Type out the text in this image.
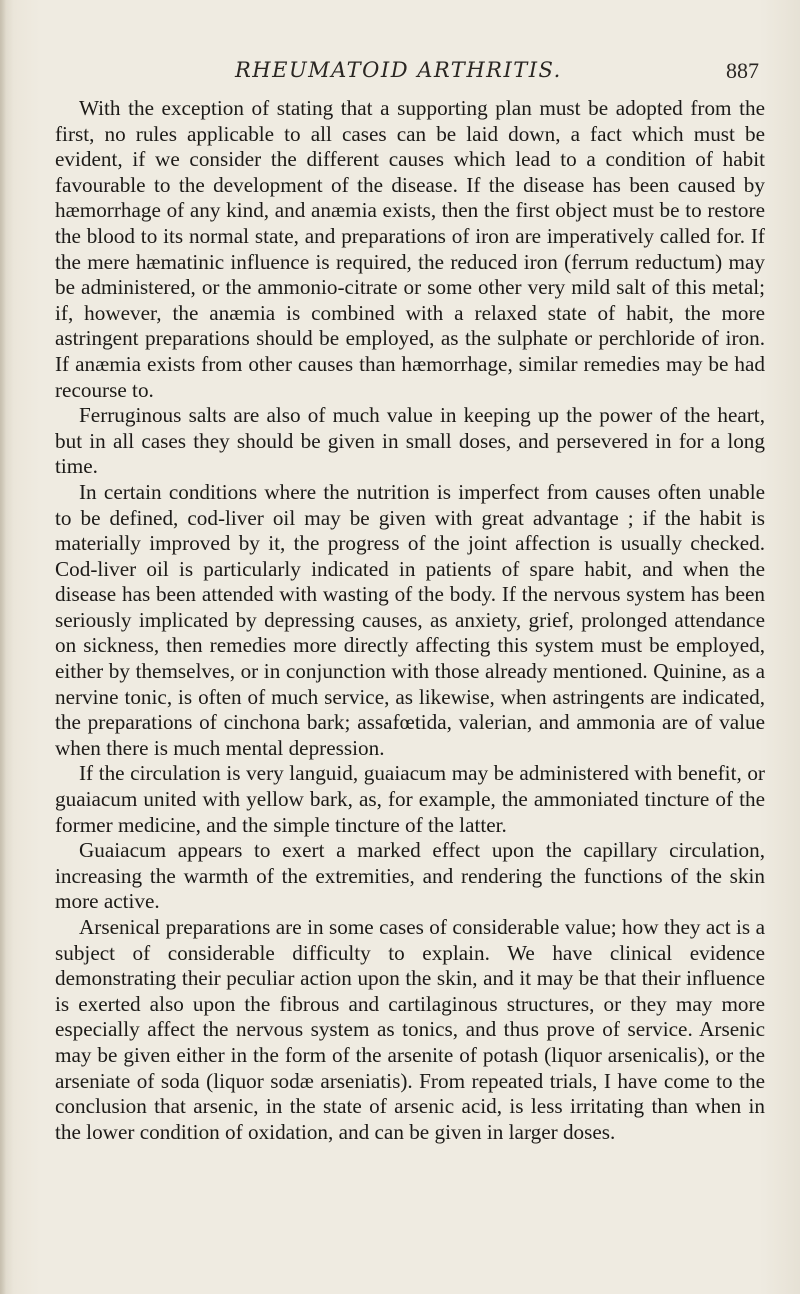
RHEUMATOID ARTHRITIS.	887

With the exception of stating that a supporting plan must be adopted from the first, no rules applicable to all cases can be laid down, a fact which must be evident, if we consider the different causes which lead to a condition of habit favourable to the development of the disease. If the disease has been caused by hæmorrhage of any kind, and anæmia exists, then the first object must be to restore the blood to its normal state, and preparations of iron are imperatively called for. If the mere hæmatinic influence is required, the reduced iron (ferrum reductum) may be administered, or the ammonio-citrate or some other very mild salt of this metal; if, however, the anæmia is combined with a relaxed state of habit, the more astringent preparations should be employed, as the sulphate or perchloride of iron. If anæmia exists from other causes than hæmorrhage, similar remedies may be had recourse to.

Ferruginous salts are also of much value in keeping up the power of the heart, but in all cases they should be given in small doses, and persevered in for a long time.

In certain conditions where the nutrition is imperfect from causes often unable to be defined, cod-liver oil may be given with great advantage ; if the habit is materially improved by it, the progress of the joint affection is usually checked. Cod-liver oil is particularly indicated in patients of spare habit, and when the disease has been attended with wasting of the body. If the nervous system has been seriously implicated by depressing causes, as anxiety, grief, prolonged attendance on sickness, then remedies more directly affecting this system must be employed, either by themselves, or in conjunction with those already mentioned. Quinine, as a nervine tonic, is often of much service, as likewise, when astringents are indicated, the preparations of cinchona bark; assafœtida, valerian, and ammonia are of value when there is much mental depression.

If the circulation is very languid, guaiacum may be administered with benefit, or guaiacum united with yellow bark, as, for example, the ammoniated tincture of the former medicine, and the simple tincture of the latter.

Guaiacum appears to exert a marked effect upon the capillary circulation, increasing the warmth of the extremities, and rendering the functions of the skin more active.

Arsenical preparations are in some cases of considerable value; how they act is a subject of considerable difficulty to explain. We have clinical evidence demonstrating their peculiar action upon the skin, and it may be that their influence is exerted also upon the fibrous and cartilaginous structures, or they may more especially affect the nervous system as tonics, and thus prove of service. Arsenic may be given either in the form of the arsenite of potash (liquor arsenicalis), or the arseniate of soda (liquor sodæ arseniatis). From repeated trials, I have come to the conclusion that arsenic, in the state of arsenic acid, is less irritating than when in the lower condition of oxidation, and can be given in larger doses.
